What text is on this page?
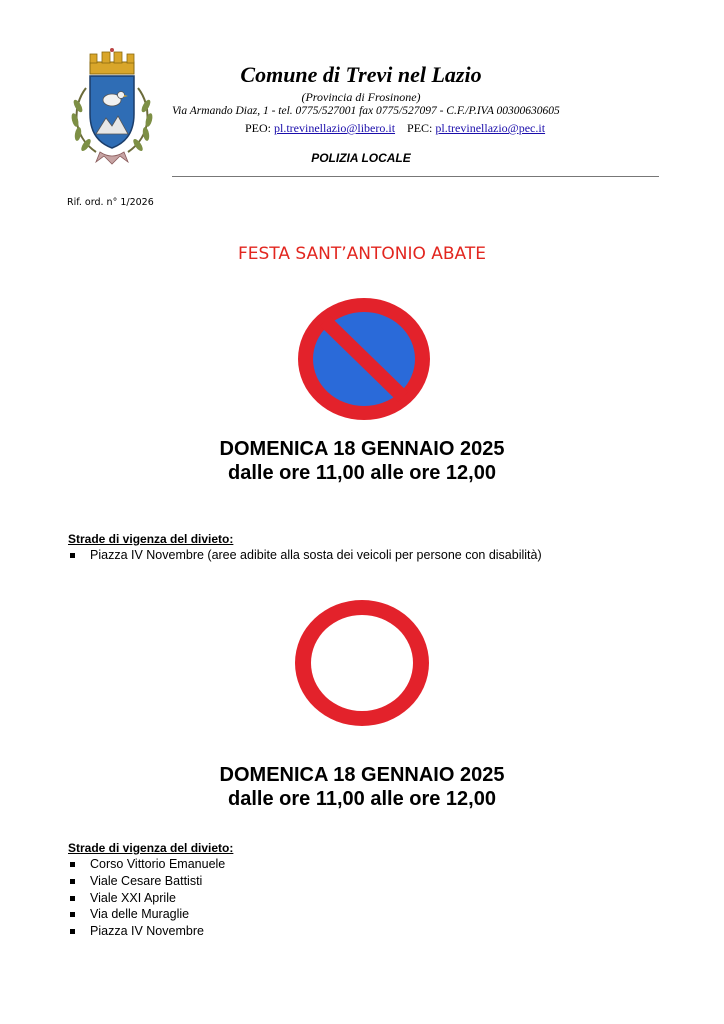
Comune di Trevi nel Lazio
(Provincia di Frosinone)
Via Armando Diaz, 1 - tel. 0775/527001 fax 0775/527097 - C.F./P.IVA 00300630605
PEO: pl.trevinellazio@libero.it PEC: pl.trevinellazio@pec.it
POLIZIA LOCALE
Rif. ord. n° 1/2026
FESTA SANT’ANTONIO ABATE
DOMENICA 18 GENNAIO 2025
dalle ore 11,00 alle ore 12,00
Strade di vigenza del divieto:
Piazza IV Novembre (aree adibite alla sosta dei veicoli per persone con disabilità)
DOMENICA 18 GENNAIO 2025
dalle ore 11,00 alle ore 12,00
Strade di vigenza del divieto:
Corso Vittorio Emanuele
Viale Cesare Battisti
Viale XXI Aprile
Via delle Muraglie
Piazza IV Novembre
